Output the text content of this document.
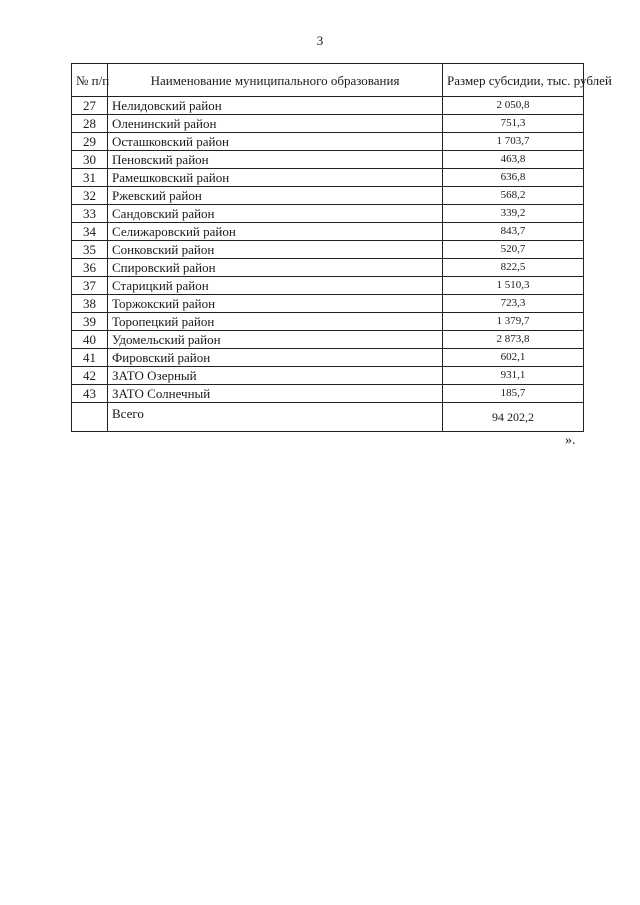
3
№ п/п	Наименование муниципального образования	Размер субсидии, тыс. рублей
27	Нелидовский район	2 050,8
28	Оленинский район	751,3
29	Осташковский район	1 703,7
30	Пеновский район	463,8
31	Рамешковский район	636,8
32	Ржевский район	568,2
33	Сандовский район	339,2
34	Селижаровский район	843,7
35	Сонковский район	520,7
36	Спировский район	822,5
37	Старицкий район	1 510,3
38	Торжокский район	723,3
39	Торопецкий район	1 379,7
40	Удомельский район	2 873,8
41	Фировский район	602,1
42	ЗАТО Озерный	931,1
43	ЗАТО Солнечный	185,7
	Всего	94 202,2
».
